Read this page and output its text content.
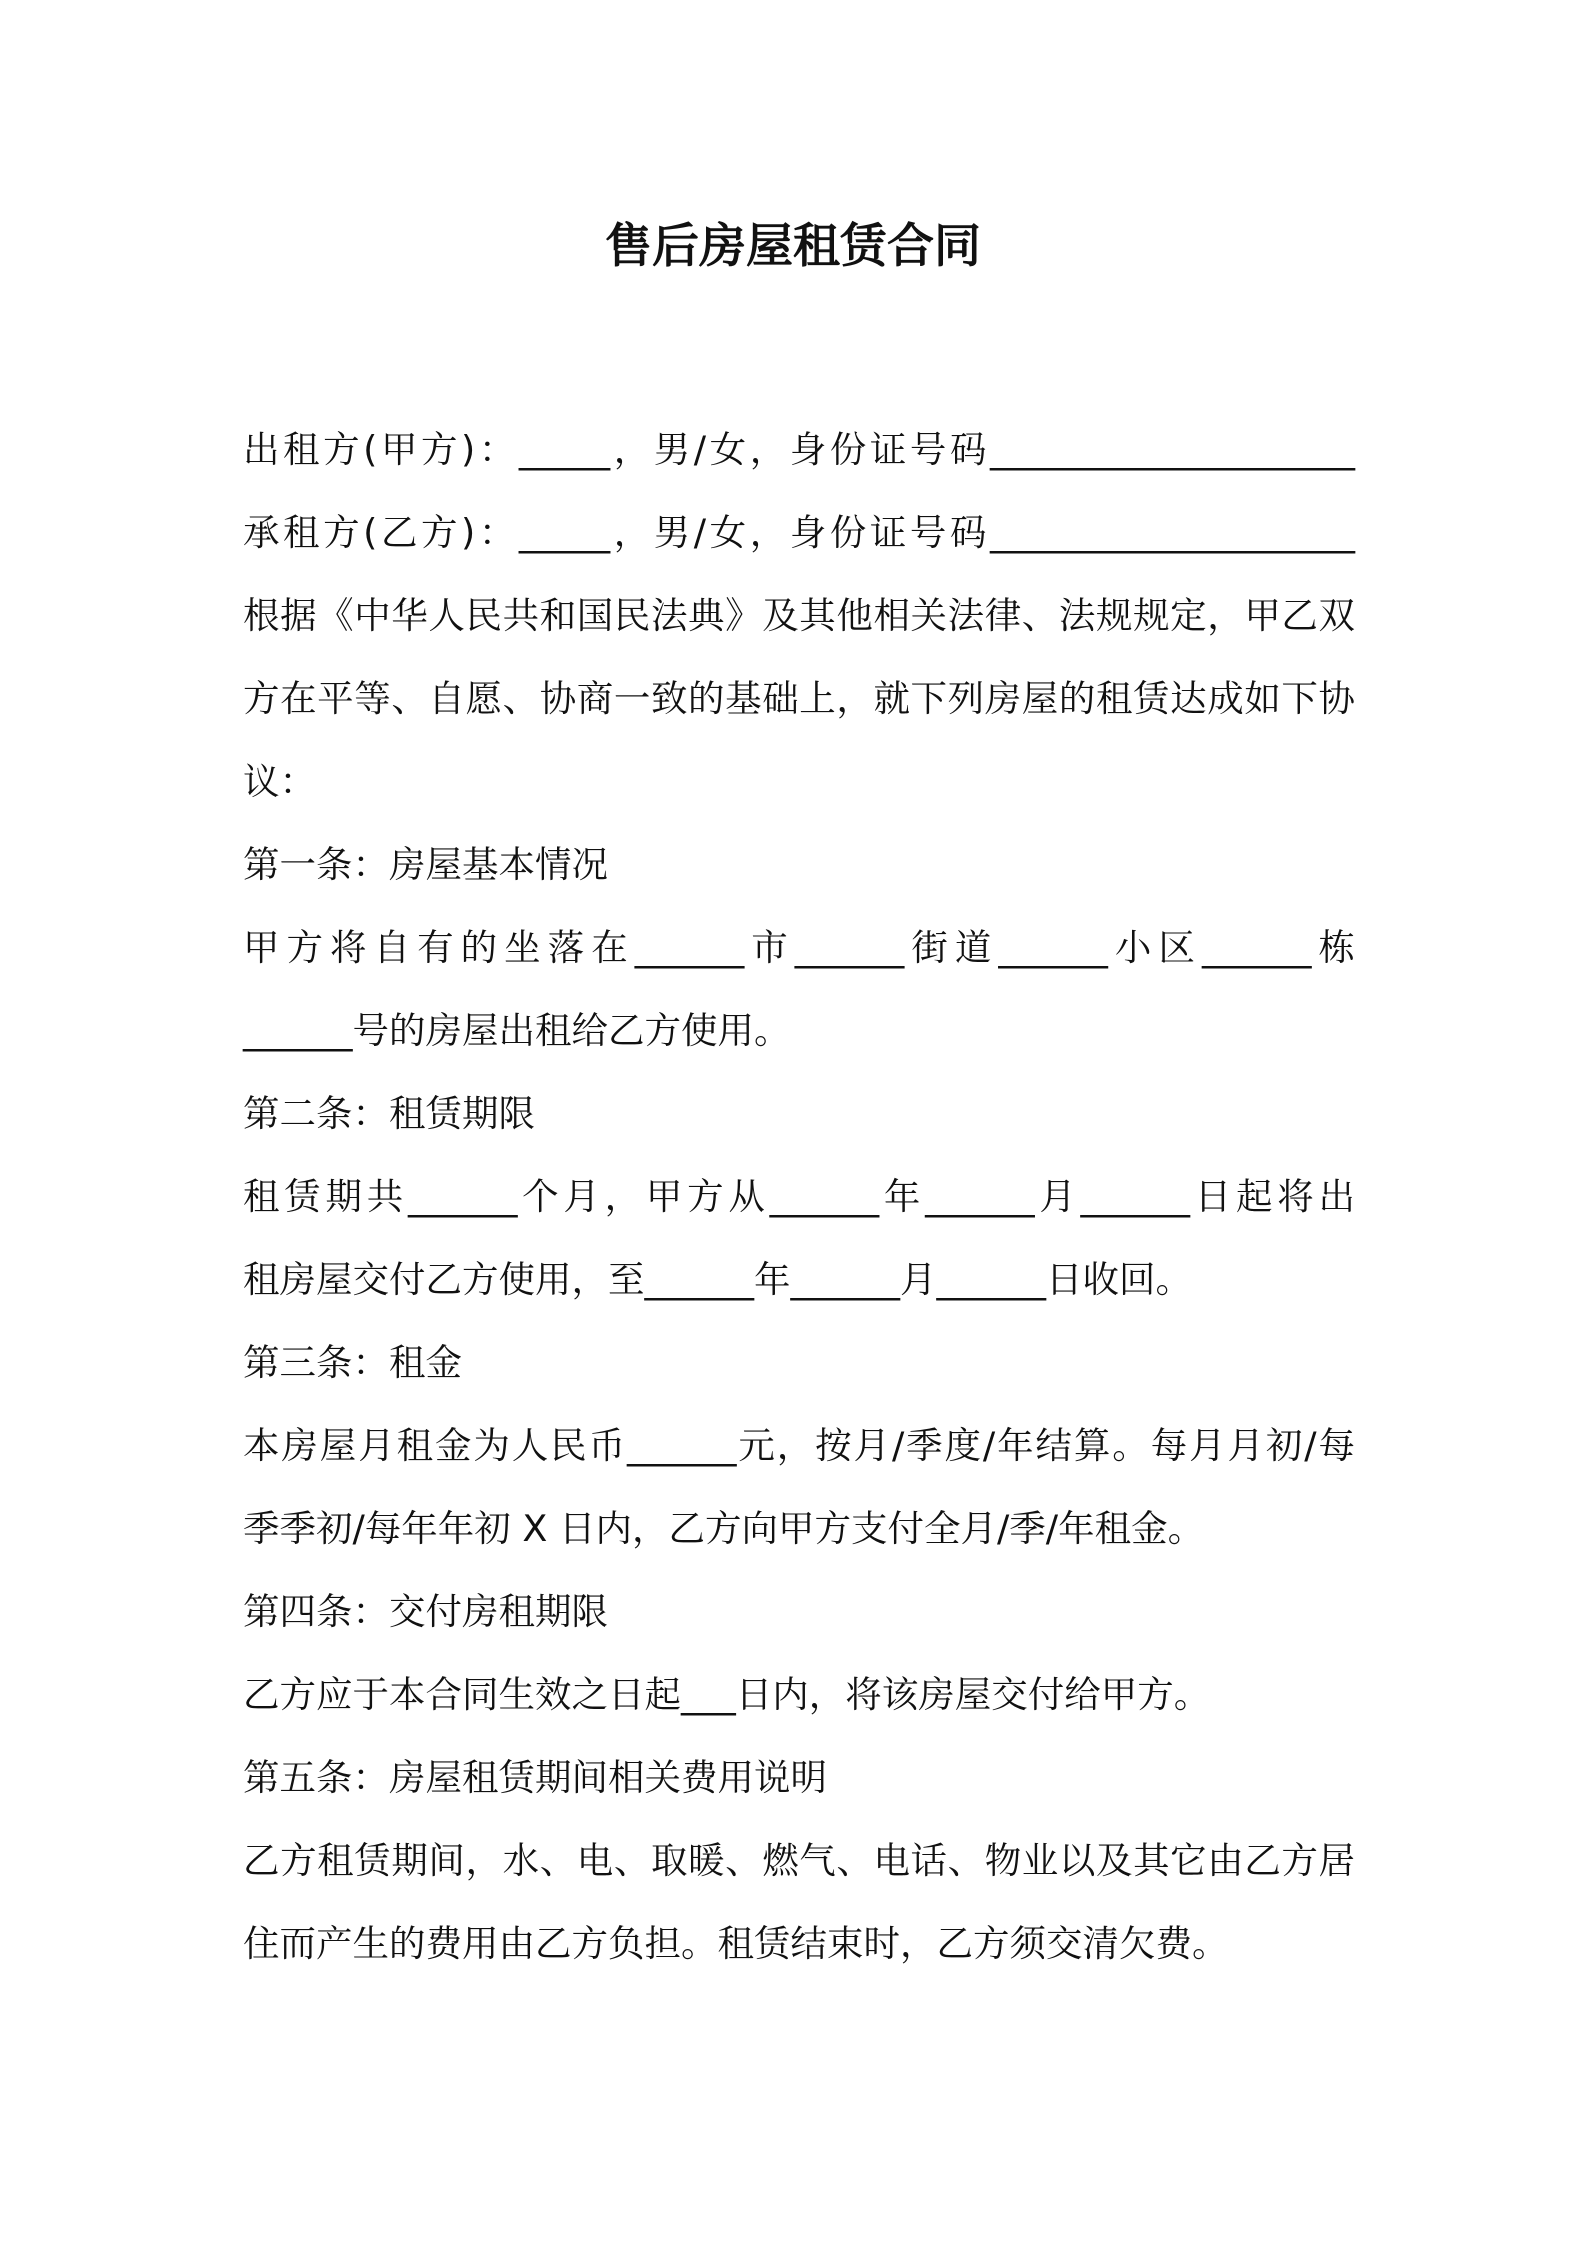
售后房屋租赁合同
出租方(甲方)：_____，男/女，身份证号码____________________
承租方(乙方)：_____，男/女，身份证号码____________________
根据《中华人民共和国民法典》及其他相关法律、法规规定，甲乙双
方在平等、自愿、协商一致的基础上，就下列房屋的租赁达成如下协
议：
第一条：房屋基本情况
甲方将自有的坐落在______市______街道______小区______栋
______号的房屋出租给乙方使用。
第二条：租赁期限
租赁期共______个月，甲方从______年______月______日起将出
租房屋交付乙方使用，至______年______月______日收回。
第三条：租金
本房屋月租金为人民币______元，按月/季度/年结算。每月月初/每
季季初/每年年初 X 日内，乙方向甲方支付全月/季/年租金。
第四条：交付房租期限
乙方应于本合同生效之日起___日内，将该房屋交付给甲方。
第五条：房屋租赁期间相关费用说明
乙方租赁期间，水、电、取暖、燃气、电话、物业以及其它由乙方居
住而产生的费用由乙方负担。租赁结束时，乙方须交清欠费。
